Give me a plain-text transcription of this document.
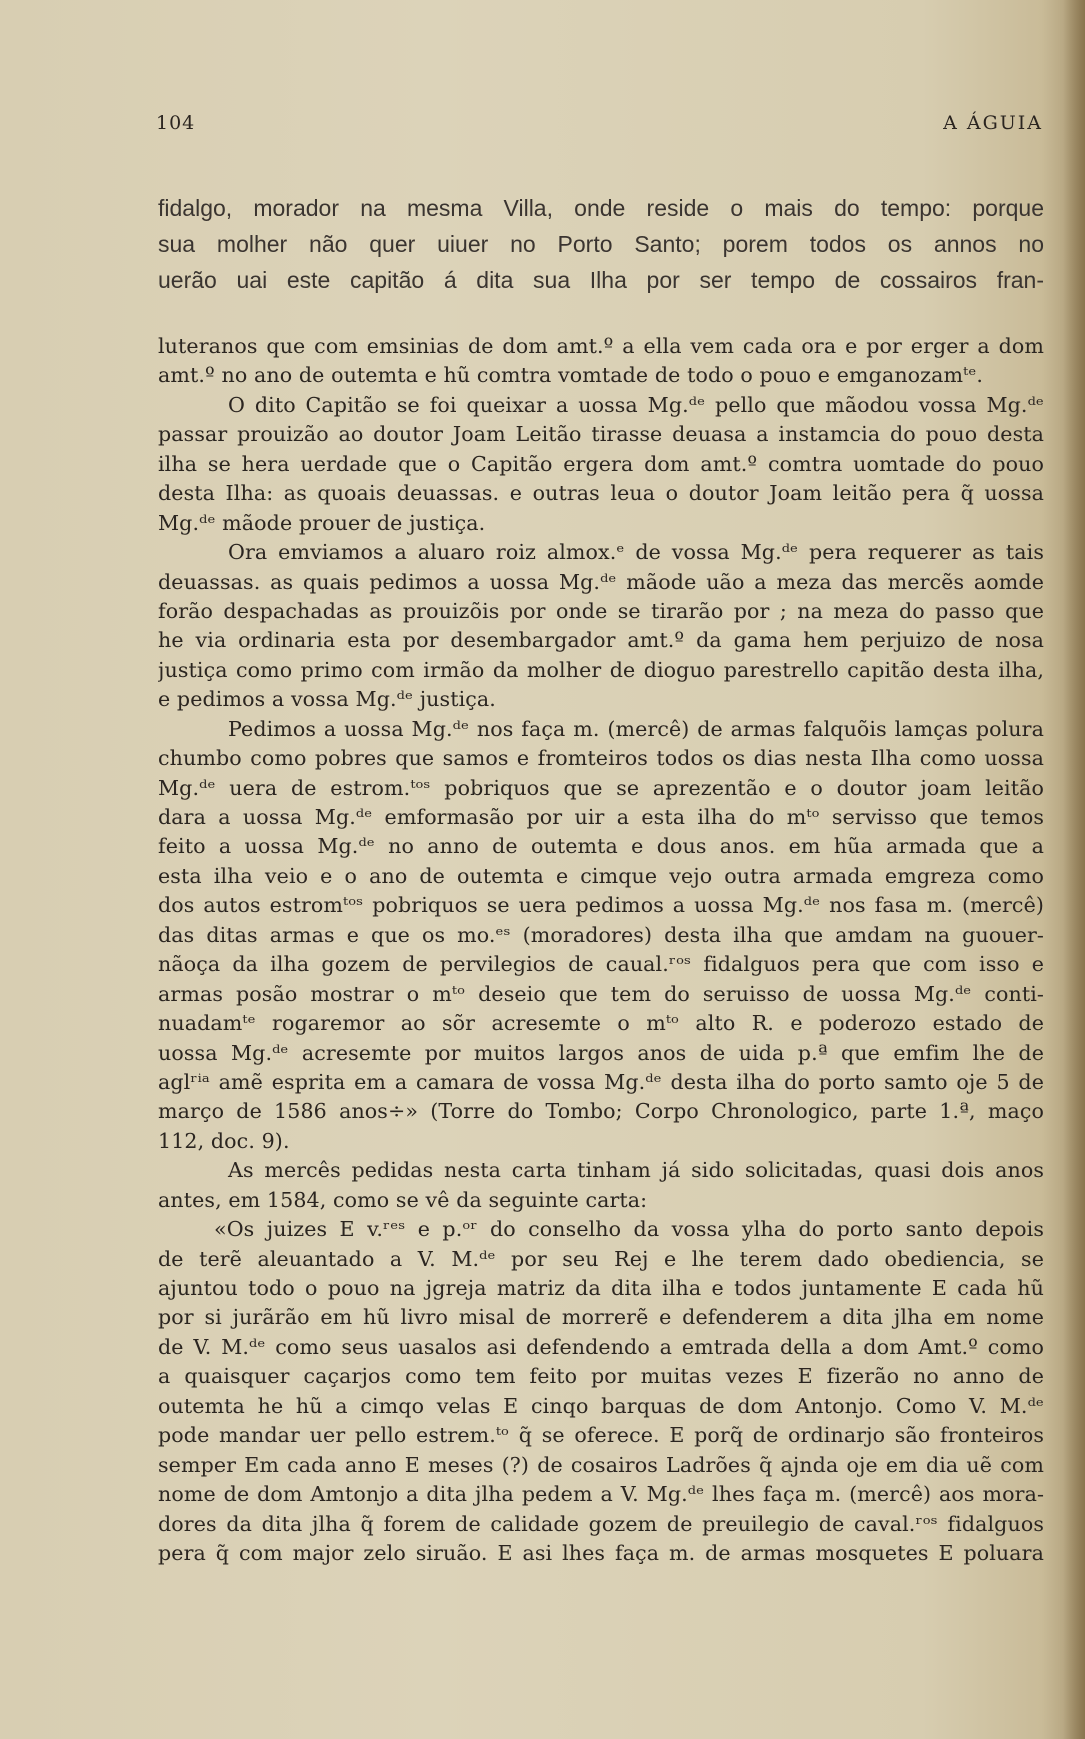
104	A ÁGUIA
fidalgo, morador na mesma Villa, onde reside o mais do tempo: porque
sua molher não quer uiuer no Porto Santo; porem todos os annos no
uerão uai este capitão á dita sua Ilha por ser tempo de cossairos fran-
luteranos que com emsinias de dom amt.º a ella vem cada ora e por erger a dom
amt.º no ano de outemta e hũ comtra vomtade de todo o pouo e emganozamᵗᵉ.
O dito Capitão se foi queixar a uossa Mg.ᵈᵉ pello que mãodou vossa Mg.ᵈᵉ
passar prouizão ao doutor Joam Leitão tirasse deuasa a instamcia do pouo desta
ilha se hera uerdade que o Capitão ergera dom amt.º comtra uomtade do pouo
desta Ilha: as quoais deuassas. e outras leua o doutor Joam leitão pera q̃ uossa
Mg.ᵈᵉ mãode prouer de justiça.
Ora emviamos a aluaro roiz almox.ᵉ de vossa Mg.ᵈᵉ pera requerer as tais
deuassas. as quais pedimos a uossa Mg.ᵈᵉ mãode uão a meza das mercẽs aomde
forão despachadas as prouizõis por onde se tirarão por ; na meza do passo que
he via ordinaria esta por desembargador amt.º da gama hem perjuizo de nosa
justiça como primo com irmão da molher de dioguo parestrello capitão desta ilha,
e pedimos a vossa Mg.ᵈᵉ justiça.
Pedimos a uossa Mg.ᵈᵉ nos faça m. (mercê) de armas falquõis lamças polura
chumbo como pobres que samos e fromteiros todos os dias nesta Ilha como uossa
Mg.ᵈᵉ uera de estrom.ᵗᵒˢ pobriquos que se aprezentão e o doutor joam leitão
dara a uossa Mg.ᵈᵉ emformasão por uir a esta ilha do mᵗᵒ servisso que temos
feito a uossa Mg.ᵈᵉ no anno de outemta e dous anos. em hũa armada que a
esta ilha veio e o ano de outemta e cimque vejo outra armada emgreza como
dos autos estromᵗᵒˢ pobriquos se uera pedimos a uossa Mg.ᵈᵉ nos fasa m. (mercê)
das ditas armas e que os mo.ᵉˢ (moradores) desta ilha que amdam na guouer-
nãoça da ilha gozem de pervilegios de caual.ʳᵒˢ fidalguos pera que com isso e
armas posão mostrar o mᵗᵒ deseio que tem do seruisso de uossa Mg.ᵈᵉ conti-
nuadamᵗᵉ rogaremor ao sõr acresemte o mᵗᵒ alto R. e poderozo estado de
uossa Mg.ᵈᵉ acresemte por muitos largos anos de uida p.ª que emfim lhe de
aglʳⁱᵃ amẽ esprita em a camara de vossa Mg.ᵈᵉ desta ilha do porto samto oje 5 de
março de 1586 anos÷» (Torre do Tombo; Corpo Chronologico, parte 1.ª, maço
112, doc. 9).
As mercês pedidas nesta carta tinham já sido solicitadas, quasi dois anos
antes, em 1584, como se vê da seguinte carta:
«Os juizes E v.ʳᵉˢ e p.ᵒʳ do conselho da vossa ylha do porto santo depois
de terẽ aleuantado a V. M.ᵈᵉ por seu Rej e lhe terem dado obediencia, se
ajuntou todo o pouo na jgreja matriz da dita ilha e todos juntamente E cada hũ
por si jurãrão em hũ livro misal de morrerẽ e defenderem a dita jlha em nome
de V. M.ᵈᵉ como seus uasalos asi defendendo a emtrada della a dom Amt.º como
a quaisquer caçarjos como tem feito por muitas vezes E fizerão no anno de
outemta he hũ a cimqo velas E cinqo barquas de dom Antonjo. Como V. M.ᵈᵉ
pode mandar uer pello estrem.ᵗᵒ q̃ se oferece. E porq̃ de ordinarjo são fronteiros
semper Em cada anno E meses (?) de cosairos Ladrões q̃ ajnda oje em dia uẽ com
nome de dom Amtonjo a dita jlha pedem a V. Mg.ᵈᵉ lhes faça m. (mercê) aos mora-
dores da dita jlha q̃ forem de calidade gozem de preuilegio de caval.ʳᵒˢ fidalguos
pera q̃ com major zelo siruão. E asi lhes faça m. de armas mosquetes E poluara
